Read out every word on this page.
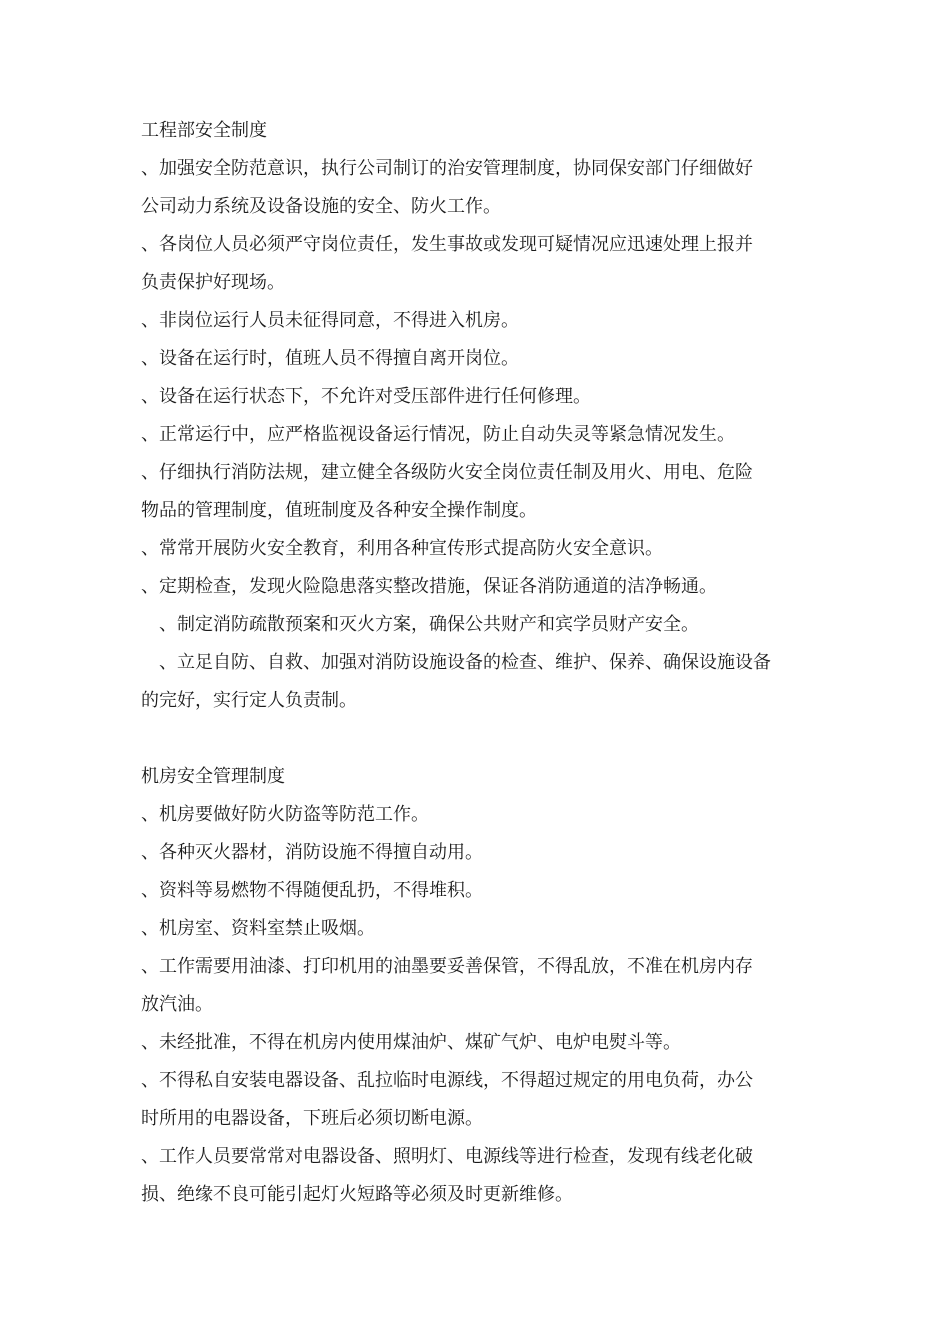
工程部安全制度

、加强安全防范意识，执行公司制订的治安管理制度，协同保安部门仔细做好

公司动力系统及设备设施的安全、防火工作。

、各岗位人员必须严守岗位责任，发生事故或发现可疑情况应迅速处理上报并

负责保护好现场。

、非岗位运行人员未征得同意，不得进入机房。

、设备在运行时，值班人员不得擅自离开岗位。

、设备在运行状态下，不允许对受压部件进行任何修理。

、正常运行中，应严格监视设备运行情况，防止自动失灵等紧急情况发生。

、仔细执行消防法规，建立健全各级防火安全岗位责任制及用火、用电、危险

物品的管理制度，值班制度及各种安全操作制度。

、常常开展防火安全教育，利用各种宣传形式提高防火安全意识。

、定期检查，发现火险隐患落实整改措施，保证各消防通道的洁净畅通。

、制定消防疏散预案和灭火方案，确保公共财产和宾学员财产安全。

、立足自防、自救、加强对消防设施设备的检查、维护、保养、确保设施设备

的完好，实行定人负责制。

机房安全管理制度

、机房要做好防火防盗等防范工作。

、各种灭火器材，消防设施不得擅自动用。

、资料等易燃物不得随便乱扔，不得堆积。

、机房室、资料室禁止吸烟。

、工作需要用油漆、打印机用的油墨要妥善保管，不得乱放，不准在机房内存

放汽油。

、未经批准，不得在机房内使用煤油炉、煤矿气炉、电炉电熨斗等。

、不得私自安装电器设备、乱拉临时电源线，不得超过规定的用电负荷，办公

时所用的电器设备，下班后必须切断电源。

、工作人员要常常对电器设备、照明灯、电源线等进行检查，发现有线老化破

损、绝缘不良可能引起灯火短路等必须及时更新维修。
